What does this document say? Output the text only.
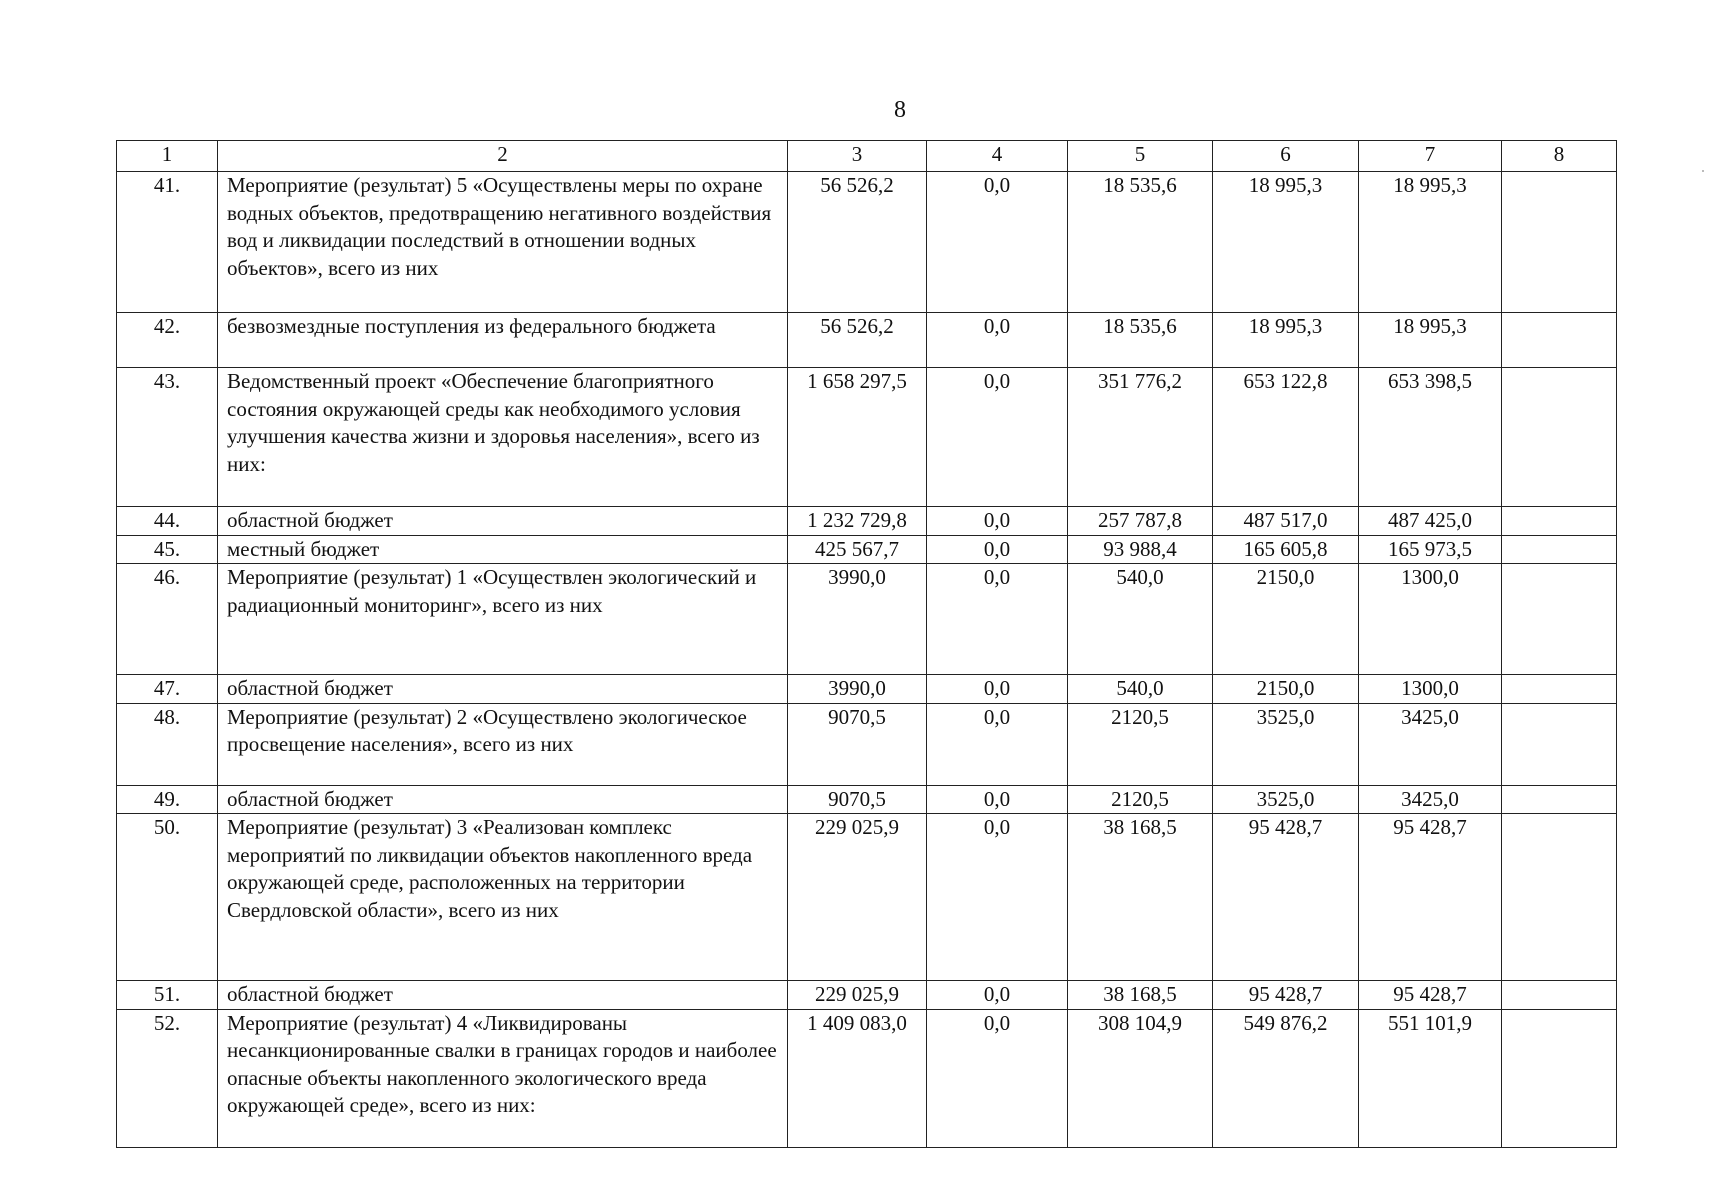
8
1	2	3	4	5	6	7	8
41.	Мероприятие (результат) 5 «Осуществлены меры по охране водных объектов, предотвращению негативного воздействия вод и ликвидации последствий в отношении водных объектов», всего из них	56 526,2	0,0	18 535,6	18 995,3	18 995,3	
42.	безвозмездные поступления из федерального бюджета	56 526,2	0,0	18 535,6	18 995,3	18 995,3	
43.	Ведомственный проект «Обеспечение благоприятного состояния окружающей среды как необходимого условия улучшения качества жизни и здоровья населения», всего из них:	1 658 297,5	0,0	351 776,2	653 122,8	653 398,5	
44.	областной бюджет	1 232 729,8	0,0	257 787,8	487 517,0	487 425,0	
45.	местный бюджет	425 567,7	0,0	93 988,4	165 605,8	165 973,5	
46.	Мероприятие (результат) 1 «Осуществлен экологический и радиационный мониторинг», всего из них	3990,0	0,0	540,0	2150,0	1300,0	
47.	областной бюджет	3990,0	0,0	540,0	2150,0	1300,0	
48.	Мероприятие (результат) 2 «Осуществлено экологическое просвещение населения», всего из них	9070,5	0,0	2120,5	3525,0	3425,0	
49.	областной бюджет	9070,5	0,0	2120,5	3525,0	3425,0	
50.	Мероприятие (результат) 3 «Реализован комплекс мероприятий по ликвидации объектов накопленного вреда окружающей среде, расположенных на территории Свердловской области», всего из них	229 025,9	0,0	38 168,5	95 428,7	95 428,7	
51.	областной бюджет	229 025,9	0,0	38 168,5	95 428,7	95 428,7	
52.	Мероприятие (результат) 4 «Ликвидированы несанкционированные свалки в границах городов и наиболее опасные объекты накопленного экологического вреда окружающей среде», всего из них:	1 409 083,0	0,0	308 104,9	549 876,2	551 101,9	
